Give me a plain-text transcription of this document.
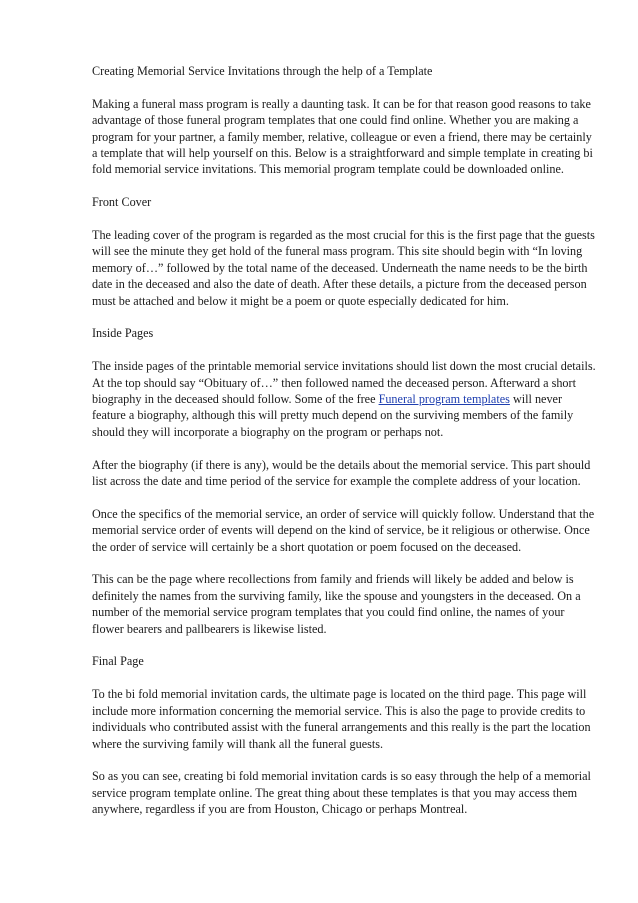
Creating Memorial Service Invitations through the help of a Template

Making a funeral mass program is really a daunting task. It can be for that reason good reasons to take advantage of those funeral program templates that one could find online. Whether you are making a program for your partner, a family member, relative, colleague or even a friend, there may be certainly a template that will help yourself on this. Below is a straightforward and simple template in creating bi fold memorial service invitations. This memorial program template could be downloaded online.

Front Cover

The leading cover of the program is regarded as the most crucial for this is the first page that the guests will see the minute they get hold of the funeral mass program. This site should begin with “In loving memory of…” followed by the total name of the deceased. Underneath the name needs to be the birth date in the deceased and also the date of death. After these details, a picture from the deceased person must be attached and below it might be a poem or quote especially dedicated for him.

Inside Pages

The inside pages of the printable memorial service invitations should list down the most crucial details. At the top should say “Obituary of…” then followed named the deceased person. Afterward a short biography in the deceased should follow. Some of the free Funeral program templates will never feature a biography, although this will pretty much depend on the surviving members of the family should they will incorporate a biography on the program or perhaps not.

After the biography (if there is any), would be the details about the memorial service. This part should list across the date and time period of the service for example the complete address of your location.

Once the specifics of the memorial service, an order of service will quickly follow. Understand that the memorial service order of events will depend on the kind of service, be it religious or otherwise. Once the order of service will certainly be a short quotation or poem focused on the deceased.

This can be the page where recollections from family and friends will likely be added and below is definitely the names from the surviving family, like the spouse and youngsters in the deceased. On a number of the memorial service program templates that you could find online, the names of your flower bearers and pallbearers is likewise listed.

Final Page

To the bi fold memorial invitation cards, the ultimate page is located on the third page. This page will include more information concerning the memorial service. This is also the page to provide credits to individuals who contributed assist with the funeral arrangements and this really is the part the location where the surviving family will thank all the funeral guests.

So as you can see, creating bi fold memorial invitation cards is so easy through the help of a memorial service program template online. The great thing about these templates is that you may access them anywhere, regardless if you are from Houston, Chicago or perhaps Montreal.
